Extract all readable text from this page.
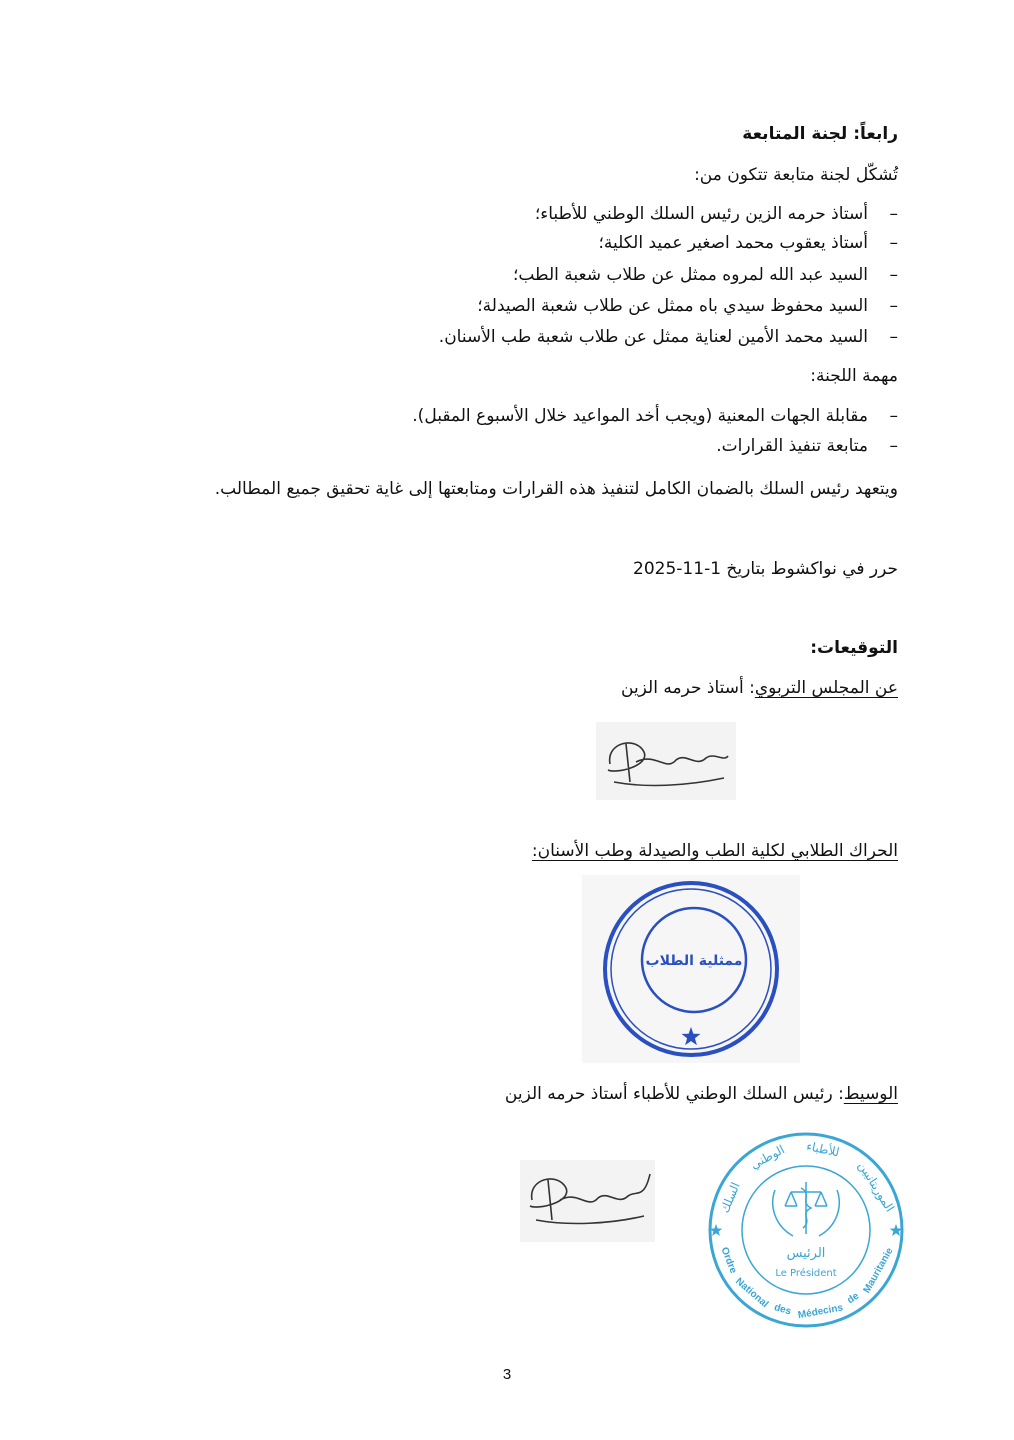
رابعاً: لجنة المتابعة
تُشكّل لجنة متابعة تتكون من:
–أستاذ حرمه الزين رئيس السلك الوطني للأطباء؛
–أستاذ يعقوب محمد اصغير عميد الكلية؛
–السيد عبد الله لمروه ممثل عن طلاب شعبة الطب؛
–السيد محفوظ سيدي باه ممثل عن طلاب شعبة الصيدلة؛
–السيد محمد الأمين لعناية ممثل عن طلاب شعبة طب الأسنان.
مهمة اللجنة:
–مقابلة الجهات المعنية (ويجب أخد المواعيد خلال الأسبوع المقبل).
–متابعة تنفيذ القرارات.
ويتعهد رئيس السلك بالضمان الكامل لتنفيذ هذه القرارات ومتابعتها إلى غاية تحقيق جميع المطالب.
حرر في نواكشوط بتاريخ 1-11-2025
التوقيعات:
عن المجلس التربوي: أستاذ حرمه الزين
الحراك الطلابي لكلية الطب والصيدلة وطب الأسنان:
ممثلية الطلاب
الوسيط: رئيس السلك الوطني للأطباء أستاذ حرمه الزين
السلك
الوطني للأطباء
الموريتانيين
Ordre
National des Médecins
de
Mauritanie
الرئيس
Le Président
3
